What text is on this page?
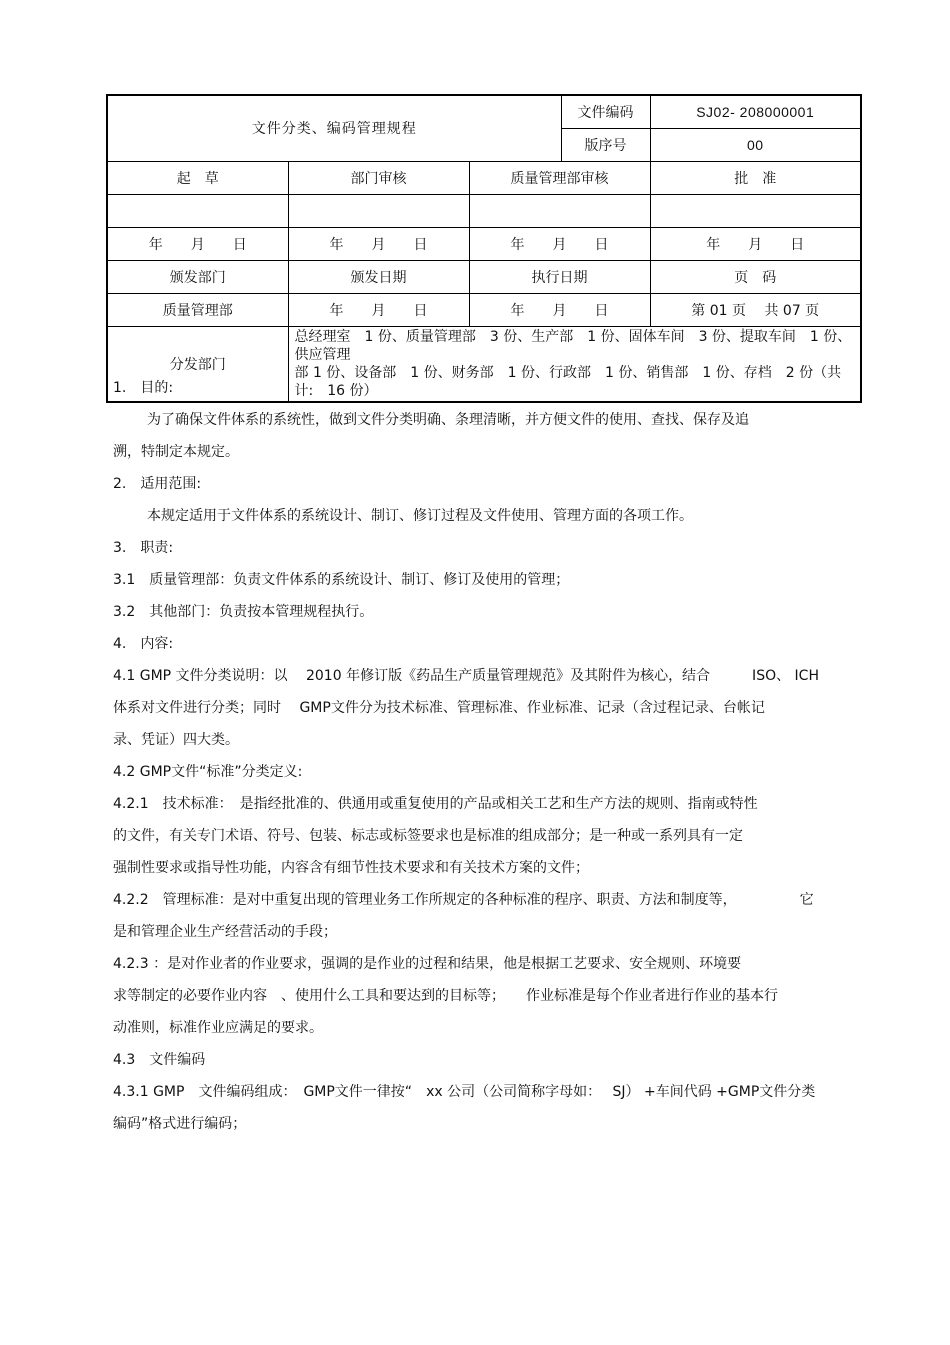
文件分类、编码管理规程			文件编码	SJ02- 208000001
			版序号	00
起　草	部门审核	质量管理部审核		批　准

年　　月　　日	年　　月　　日	年　　月　　日		年　　月　　日
颁发部门	颁发日期	执行日期		页　码
质量管理部	年　　月　　日	年　　月　　日		第 01 页　 共 07 页
分发部门	总经理室　1 份、质量管理部　3 份、生产部　1 份、固体车间　3 份、提取车间　1 份、供应管理
部 1 份、设备部　1 份、财务部　1 份、行政部　1 份、销售部　1 份、存档　2 份（共计:　16 份）			
1.　目的:
为了确保文件体系的系统性，做到文件分类明确、条理清晰，并方便文件的使用、查找、保存及追
溯，特制定本规定。
2.　适用范围:
本规定适用于文件体系的系统设计、制订、修订过程及文件使用、管理方面的各项工作。
3.　职责:
3.1　质量管理部：负责文件体系的系统设计、制订、修订及使用的管理；
3.2　其他部门：负责按本管理规程执行。
4.　内容:
4.1 GMP 文件分类说明：以　 2010 年修订版《药品生产质量管理规范》及其附件为核心，结合　　　ISO、 ICH
体系对文件进行分类；同时　 GMP文件分为技术标准、管理标准、作业标准、记录（含过程记录、台帐记
录、凭证）四大类。
4.2 GMP文件“标准”分类定义:
4.2.1　技术标准：　是指经批准的、供通用或重复使用的产品或相关工艺和生产方法的规则、指南或特性
的文件，有关专门术语、符号、包装、标志或标签要求也是标准的组成部分；是一种或一系列具有一定
强制性要求或指导性功能，内容含有细节性技术要求和有关技术方案的文件；
4.2.2　管理标准：是对中重复出现的管理业务工作所规定的各种标准的程序、职责、方法和制度等，　　　　　它
是和管理企业生产经营活动的手段；
4.2.3 ：是对作业者的作业要求，强调的是作业的过程和结果，他是根据工艺要求、安全规则、环境要
求等制定的必要作业内容　、使用什么工具和要达到的目标等；　　作业标准是每个作业者进行作业的基本行
动准则，标准作业应满足的要求。
4.3　文件编码
4.3.1 GMP　文件编码组成：　GMP文件一律按“　xx 公司（公司简称字母如：　 SJ） +车间代码 +GMP文件分类
编码”格式进行编码；
